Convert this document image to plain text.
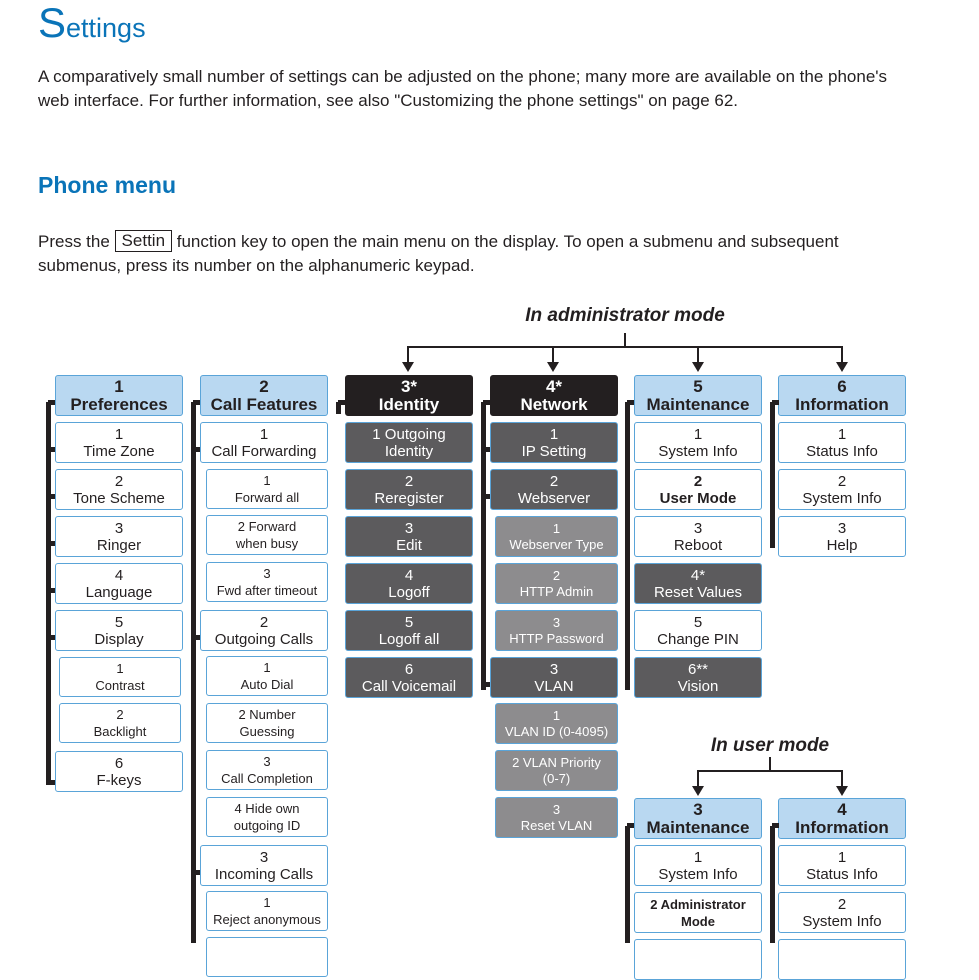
Settings
A comparatively small number of settings can be adjusted on the phone; many more are available on the phone's web interface. For further information, see also "Customizing the phone settings" on page 62.
Phone menu
Press the Settin function key to open the main menu on the display. To open a submenu and subsequent submenus, press its number on the alphanumeric keypad.
In administrator mode
In user mode
1
Preferences
1
Time Zone
2
Tone Scheme
3
Ringer
4
Language
5
Display
1
Contrast
2
Backlight
6
F-keys
2
Call Features
1
Call Forwarding
1
Forward all
2 Forward
when busy
3
Fwd after timeout
2
Outgoing Calls
1
Auto Dial
2 Number
Guessing
3
Call Completion
4 Hide own
outgoing ID
3
Incoming Calls
1
Reject anonymous
3*
Identity
1 Outgoing
Identity
2
Reregister
3
Edit
4
Logoff
5
Logoff all
6
Call Voicemail
4*
Network
1
IP Setting
2
Webserver
1
Webserver Type
2
HTTP Admin
3
HTTP Password
3
VLAN
1
VLAN ID (0-4095)
2 VLAN Priority
(0-7)
3
Reset VLAN
5
Maintenance
1
System Info
2
User Mode
3
Reboot
4*
Reset Values
5
Change PIN
6**
Vision
6
Information
1
Status Info
2
System Info
3
Help
3
Maintenance
1
System Info
2 Administrator
Mode
4
Information
1
Status Info
2
System Info
